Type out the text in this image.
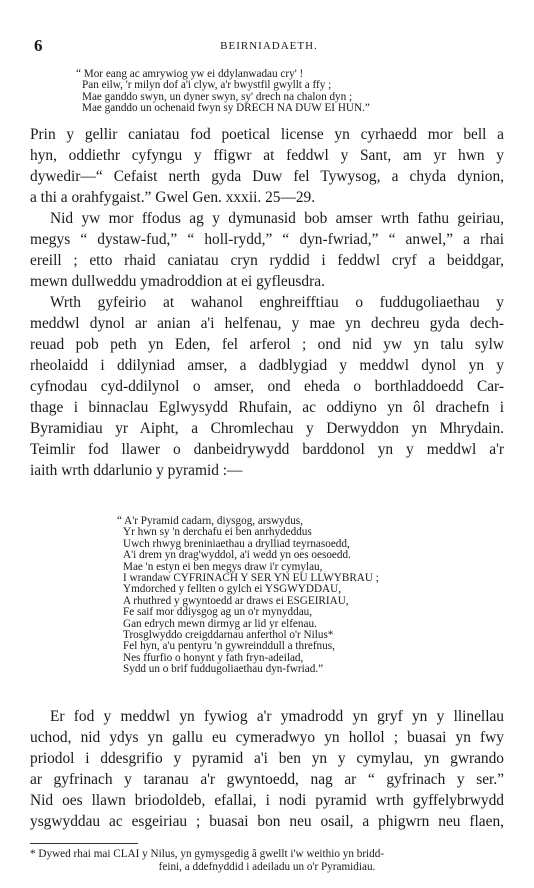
6	BEIRNIADAETH.
“ Mor eang ac amrywiog yw ei ddylanwadau cry' !
Pan eilw, 'r milyn dof a'i clyw, a'r bwystfil gwyllt a ffy ;
Mae ganddo swyn, un dyner swyn, sy' drech na chalon dyn ;
Mae ganddo un ochenaid fwyn sy DRECH NA DUW EI HUN.”
Prin y gellir caniatau fod poetical license yn cyrhaedd mor bell a
hyn, oddiethr cyfyngu y ffigwr at feddwl y Sant, am yr hwn y
dywedir—“ Cefaist nerth gyda Duw fel Tywysog, a chyda dynion,
a thi a orahfygaist.” Gwel Gen. xxxii. 25—29.
Nid yw mor ffodus ag y dymunasid bob amser wrth fathu geiriau,
megys “ dystaw-fud,” “ holl-rydd,” “ dyn-fwriad,” “ anwel,” a rhai
ereill ; etto rhaid caniatau cryn ryddid i feddwl cryf a beiddgar,
mewn dullweddu ymadroddion at ei gyfleusdra.
Wrth gyfeirio at wahanol enghreifftiau o fuddugoliaethau y
meddwl dynol ar anian a'i helfenau, y mae yn dechreu gyda dech-
reuad pob peth yn Eden, fel arferol ; ond nid yw yn talu sylw
rheolaidd i ddilyniad amser, a dadblygiad y meddwl dynol yn y
cyfnodau cyd-ddilynol o amser, ond eheda o borthladdoedd Car-
thage i binnaclau Eglwysydd Rhufain, ac oddiyno yn ôl drachefn i
Byramidiau yr Aipht, a Chromlechau y Derwyddon yn Mhrydain.
Teimlir fod llawer o danbeidrywydd barddonol yn y meddwl a'r
iaith wrth ddarlunio y pyramid :—
“ A'r Pyramid cadarn, diysgog, arswydus,
Yr hwn sy 'n derchafu ei ben anrhydeddus
Uwch rhwyg breniniaethau a drylliad teyrnasoedd,
A'i drem yn drag'wyddol, a'i wedd yn oes oesoedd.
Mae 'n estyn ei ben megys draw i'r cymylau,
I wrandaw CYFRINACH Y SER YN EU LLWYBRAU ;
Ymdorched y fellten o gylch ei YSGWYDDAU,
A rhuthred y gwyntoedd ar draws ei ESGEIRIAU,
Fe saif mor ddiysgog ag un o'r mynyddau,
Gan edrych mewn dirmyg ar lid yr elfenau.
Trosglwyddo creigddarnau anferthol o'r Nilus*
Fel hyn, a'u pentyru 'n gywreinddull a threfnus,
Nes ffurfio o honynt y fath fryn-adeilad,
Sydd un o brif fuddugoliaethau dyn-fwriad.”
Er fod y meddwl yn fywiog a'r ymadrodd yn gryf yn y llinellau
uchod, nid ydys yn gallu eu cymeradwyo yn hollol ; buasai yn fwy
priodol i ddesgrifio y pyramid a'i ben yn y cymylau, yn gwrando
ar gyfrinach y taranau a'r gwyntoedd, nag ar “ gyfrinach y ser.”
Nid oes llawn briodoldeb, efallai, i nodi pyramid wrth gyffelybrwydd
ysgwyddau ac esgeiriau ; buasai bon neu osail, a phigwrn neu flaen,
* Dywed rhai mai CLAI y Nilus, yn gymysgedig â gwellt i'w weithio yn bridd-
feini, a ddefnyddid i adeiladu un o'r Pyramidiau.
